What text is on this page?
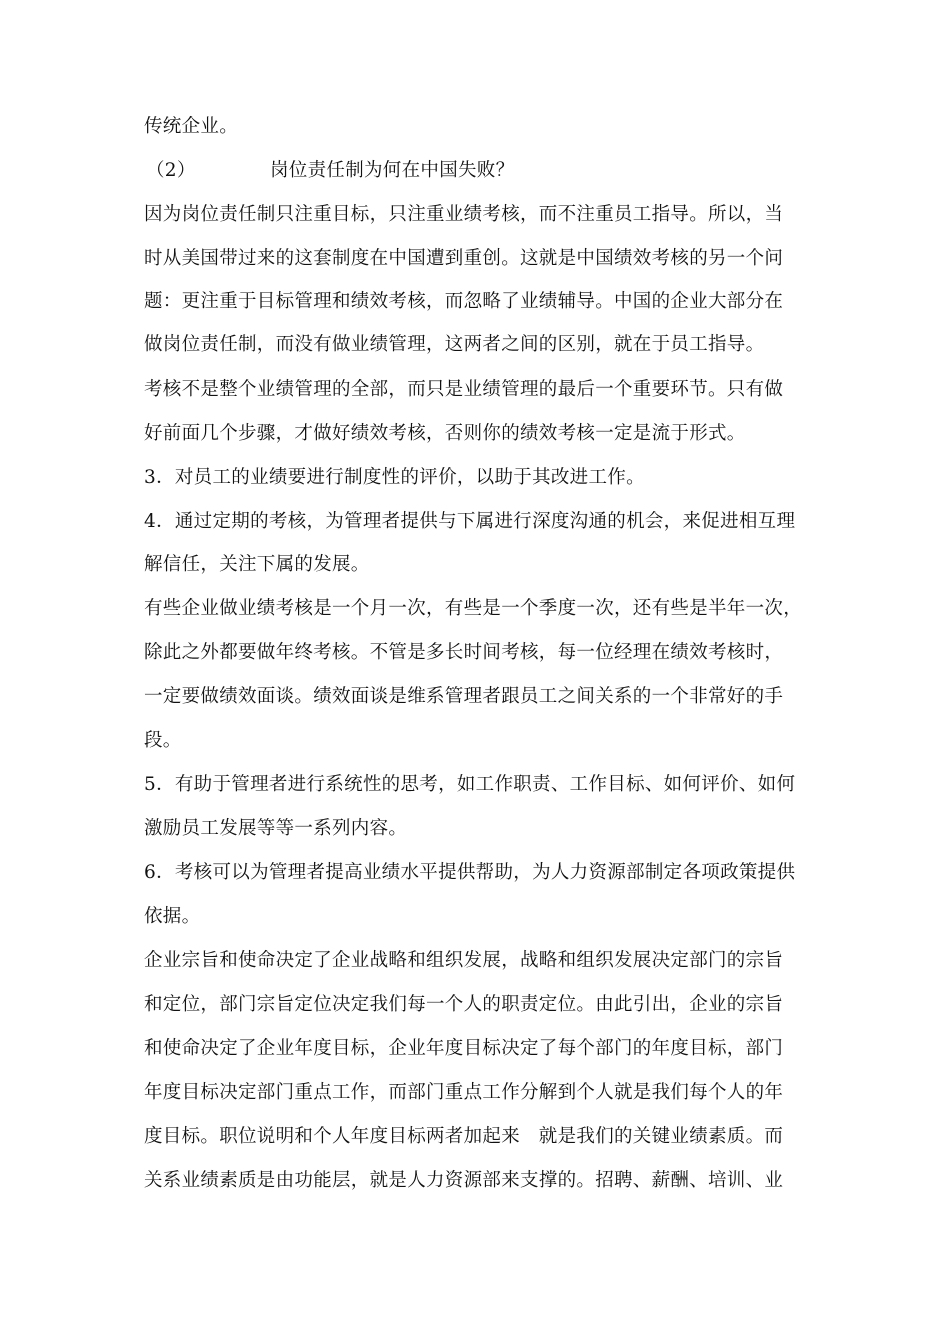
传统企业。
（2）	岗位责任制为何在中国失败？
因为岗位责任制只注重目标，只注重业绩考核，而不注重员工指导。所以，当
时从美国带过来的这套制度在中国遭到重创。这就是中国绩效考核的另一个问
题：更注重于目标管理和绩效考核，而忽略了业绩辅导。中国的企业大部分在
做岗位责任制，而没有做业绩管理，这两者之间的区别，就在于员工指导。
考核不是整个业绩管理的全部，而只是业绩管理的最后一个重要环节。只有做
好前面几个步骤，才做好绩效考核，否则你的绩效考核一定是流于形式。
3．对员工的业绩要进行制度性的评价，以助于其改进工作。
4．通过定期的考核，为管理者提供与下属进行深度沟通的机会，来促进相互理
解信任，关注下属的发展。
有些企业做业绩考核是一个月一次，有些是一个季度一次，还有些是半年一次，
除此之外都要做年终考核。不管是多长时间考核，每一位经理在绩效考核时，
一定要做绩效面谈。绩效面谈是维系管理者跟员工之间关系的一个非常好的手
段。
5．有助于管理者进行系统性的思考，如工作职责、工作目标、如何评价、如何
激励员工发展等等一系列内容。
6．考核可以为管理者提高业绩水平提供帮助，为人力资源部制定各项政策提供
依据。
企业宗旨和使命决定了企业战略和组织发展，战略和组织发展决定部门的宗旨
和定位，部门宗旨定位决定我们每一个人的职责定位。由此引出，企业的宗旨
和使命决定了企业年度目标，企业年度目标决定了每个部门的年度目标，部门
年度目标决定部门重点工作，而部门重点工作分解到个人就是我们每个人的年
度目标。职位说明和个人年度目标两者加起来　就是我们的关键业绩素质。而
关系业绩素质是由功能层，就是人力资源部来支撑的。招聘、薪酬、培训、业
